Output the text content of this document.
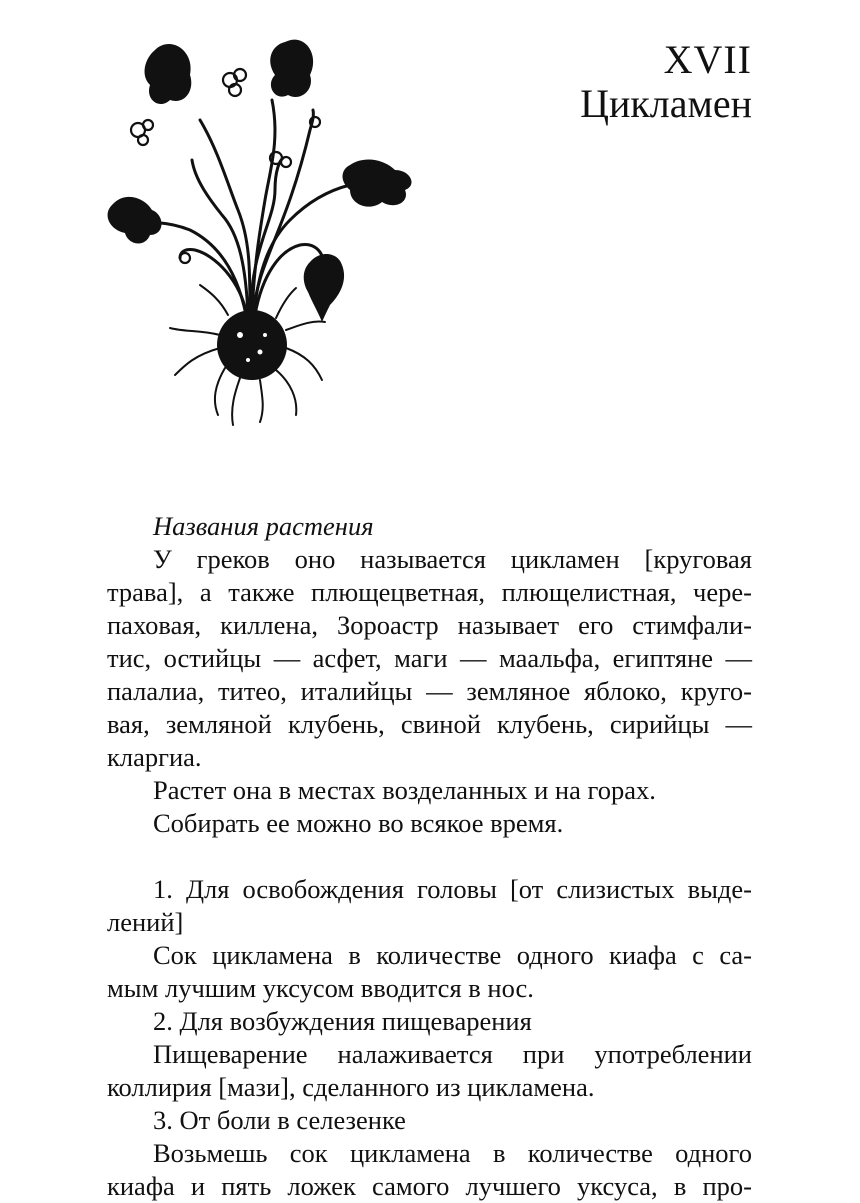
XVII
Цикламен
Названия растения
У греков оно называется цикламен [круговая
трава], а также плющецветная, плющелистная, чере-
паховая, киллена, Зороастр называет его стимфали-
тис, остийцы — асфет, маги — маальфа, египтяне —
палалиа, титео, италийцы — земляное яблоко, круго-
вая, земляной клубень, свиной клубень, сирийцы —
кларгиа.
Растет она в местах возделанных и на горах.
Собирать ее можно во всякое время.
1. Для освобождения головы [от слизистых выде-
лений]
Сок цикламена в количестве одного киафа с са-
мым лучшим уксусом вводится в нос.
2. Для возбуждения пищеварения
Пищеварение налаживается при употреблении
коллирия [мази], сделанного из цикламена.
3. От боли в селезенке
Возьмешь сок цикламена в количестве одного
киафа и пять ложек самого лучшего уксуса, в про-
